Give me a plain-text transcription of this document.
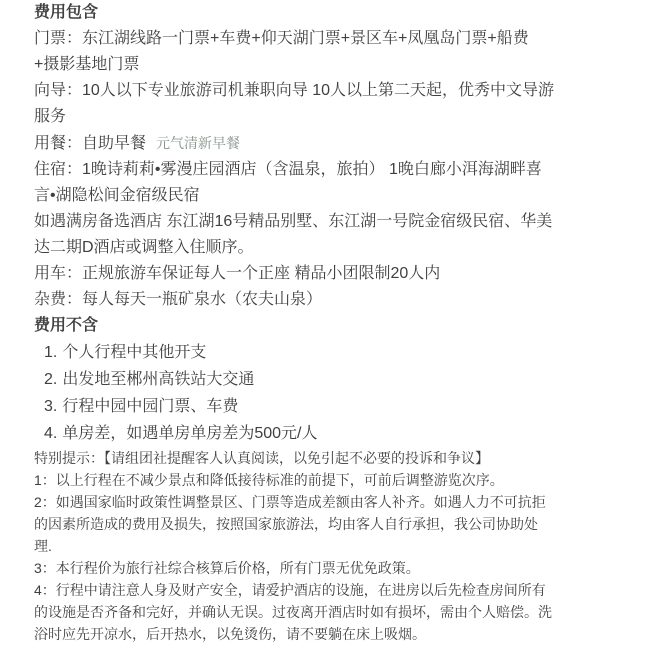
费用包含
门票：东江湖线路一门票+车费+仰天湖门票+景区车+凤凰岛门票+船费
+摄影基地门票
向导：10人以下专业旅游司机兼职向导 10人以上第二天起，优秀中文导游
服务
用餐：自助早餐 元气清新早餐
住宿：1晚诗莉莉•雾漫庄园酒店（含温泉，旅拍） 1晚白廊小洱海湖畔喜
言•湖隐松间金宿级民宿
如遇满房备选酒店 东江湖16号精品别墅、东江湖一号院金宿级民宿、华美
达二期D酒店或调整入住顺序。
用车：正规旅游车保证每人一个正座 精品小团限制20人内
杂费：每人每天一瓶矿泉水（农夫山泉）
费用不含
1. 个人行程中其他开支
2. 出发地至郴州高铁站大交通
3. 行程中园中园门票、车费
4. 单房差，如遇单房单房差为500元/人
特别提示：【请组团社提醒客人认真阅读，以免引起不必要的投诉和争议】
1：以上行程在不减少景点和降低接待标准的前提下，可前后调整游览次序。
2：如遇国家临时政策性调整景区、门票等造成差额由客人补齐。如遇人力不可抗拒
的因素所造成的费用及损失，按照国家旅游法，均由客人自行承担，我公司协助处
理.
3：本行程价为旅行社综合核算后价格，所有门票无优免政策。
4：行程中请注意人身及财产安全，请爱护酒店的设施，在进房以后先检查房间所有
的设施是否齐备和完好，并确认无误。过夜离开酒店时如有损坏，需由个人赔偿。洗
浴时应先开凉水，后开热水，以免烫伤，请不要躺在床上吸烟。
